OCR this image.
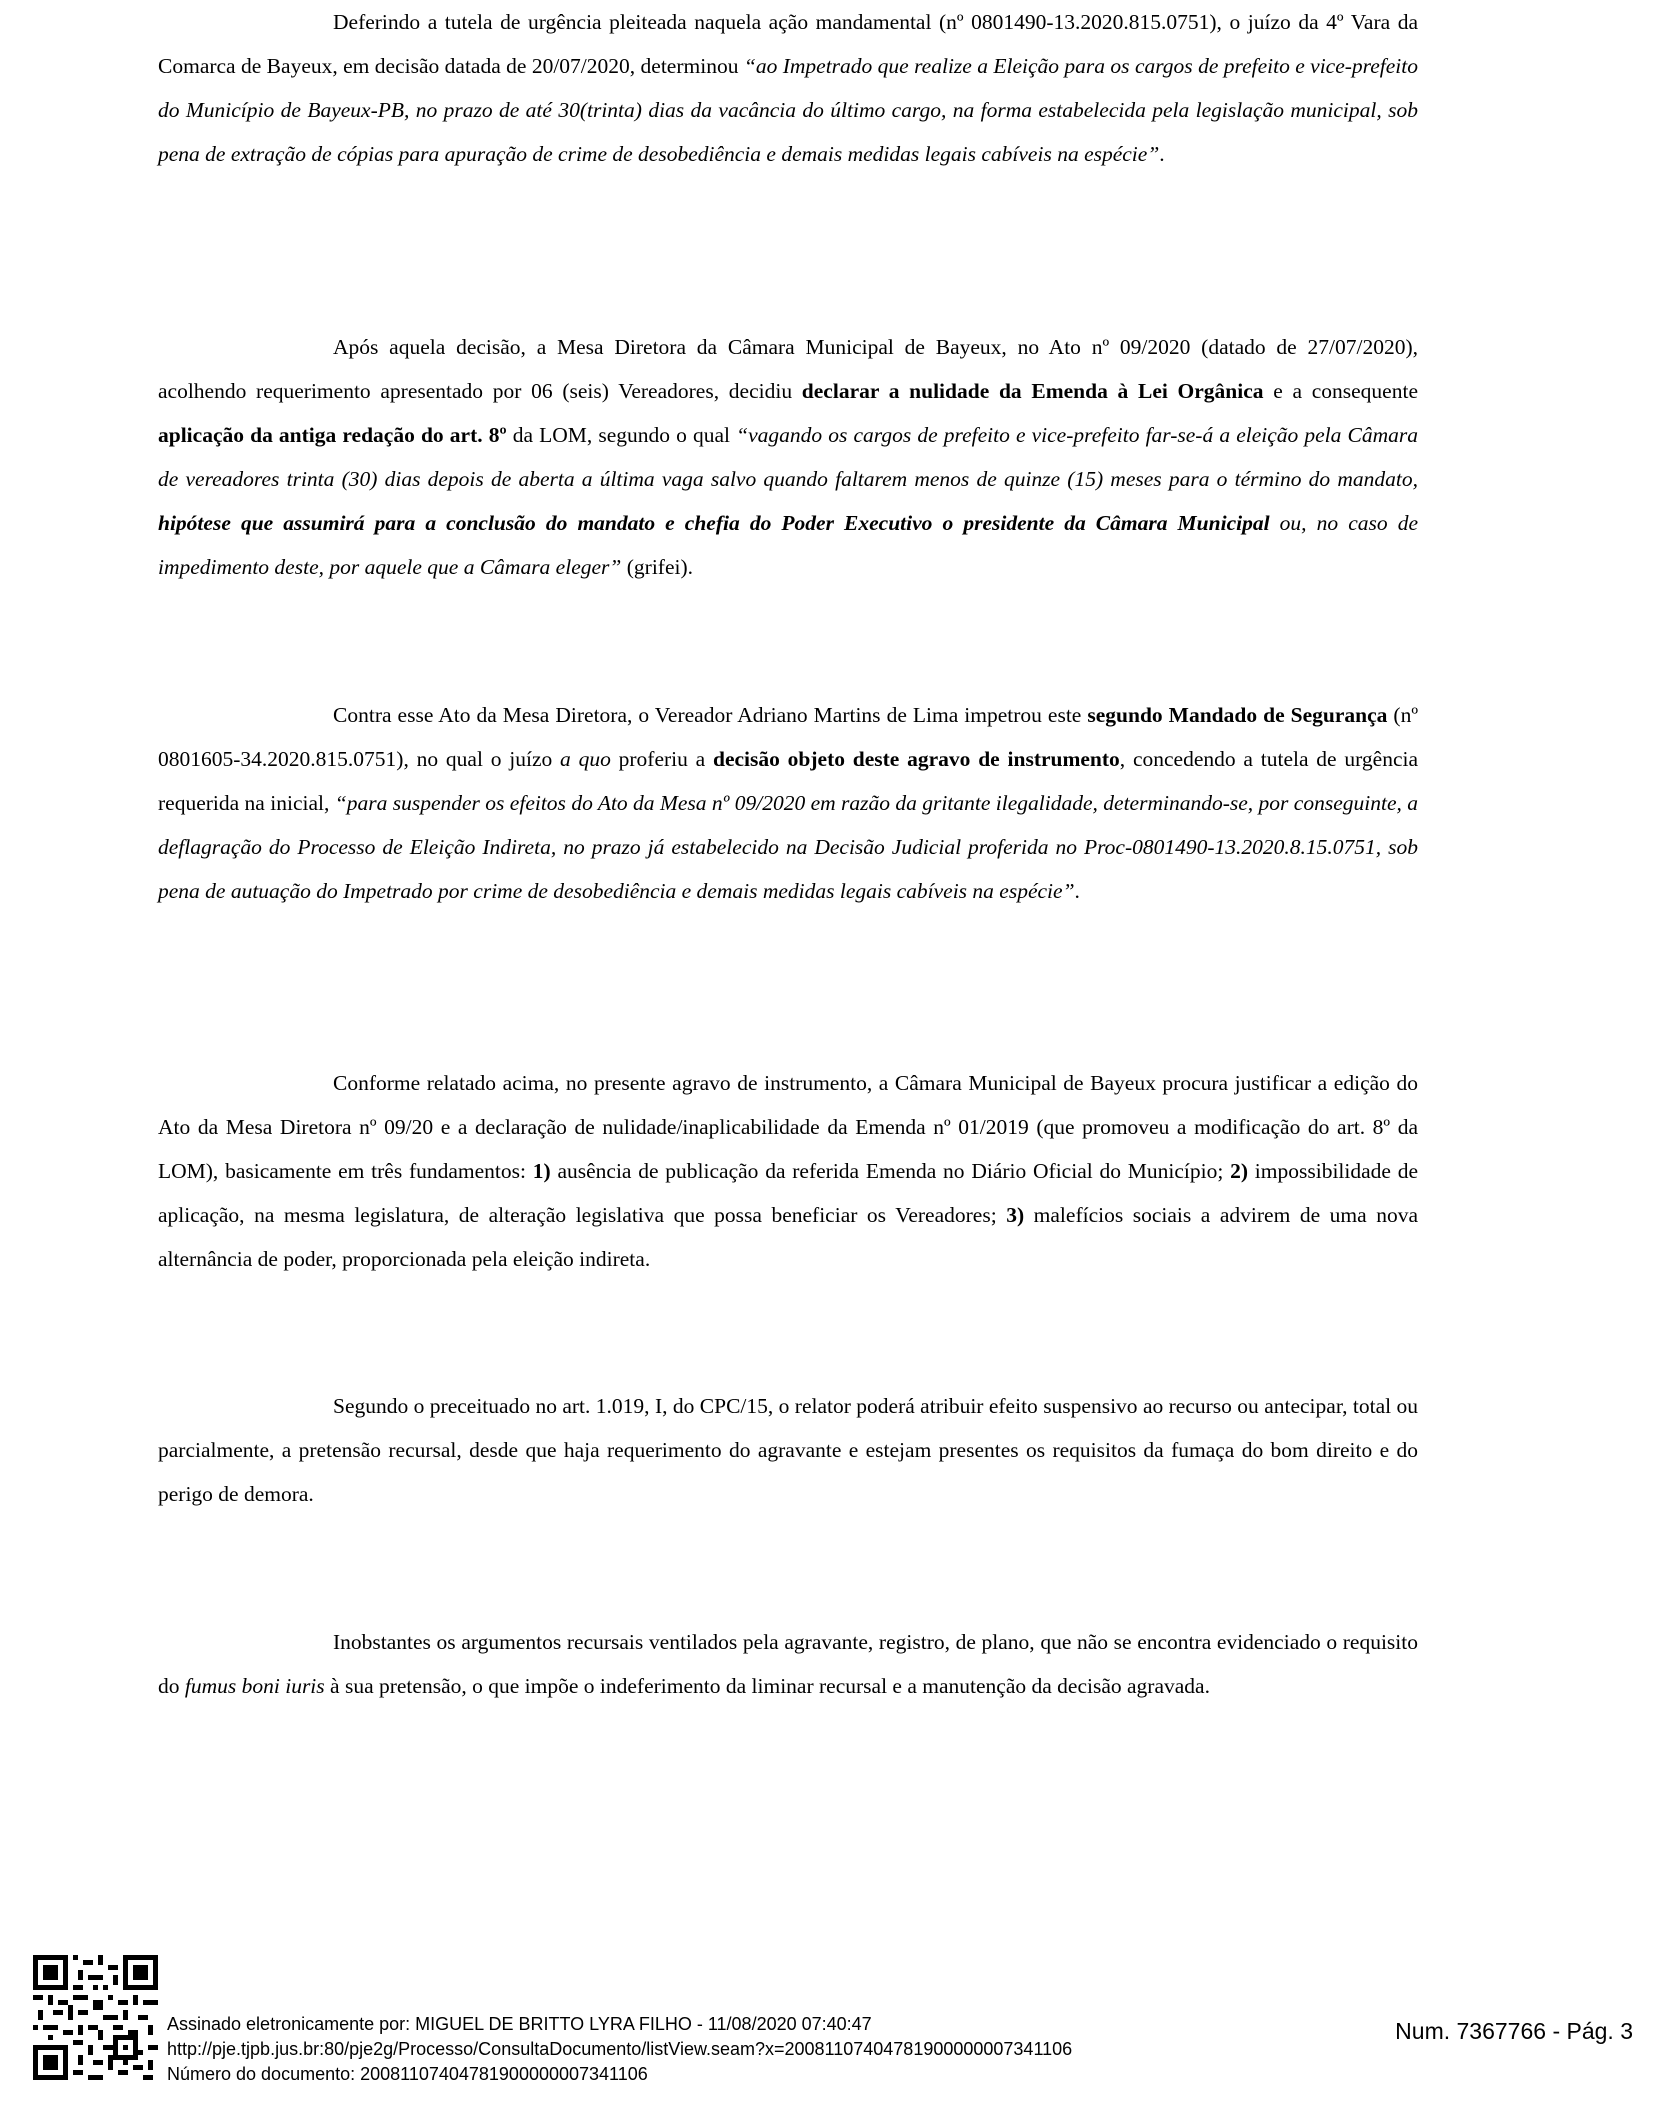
Deferindo a tutela de urgência pleiteada naquela ação mandamental (nº 0801490-13.2020.815.0751), o juízo da 4º Vara da Comarca de Bayeux, em decisão datada de 20/07/2020, determinou “ao Impetrado que realize a Eleição para os cargos de prefeito e vice-prefeito do Município de Bayeux-PB, no prazo de até 30(trinta) dias da vacância do último cargo, na forma estabelecida pela legislação municipal, sob pena de extração de cópias para apuração de crime de desobediência e demais medidas legais cabíveis na espécie”.

Após aquela decisão, a Mesa Diretora da Câmara Municipal de Bayeux, no Ato nº 09/2020 (datado de 27/07/2020), acolhendo requerimento apresentado por 06 (seis) Vereadores, decidiu declarar a nulidade da Emenda à Lei Orgânica e a consequente aplicação da antiga redação do art. 8º da LOM, segundo o qual “vagando os cargos de prefeito e vice-prefeito far-se-á a eleição pela Câmara de vereadores trinta (30) dias depois de aberta a última vaga salvo quando faltarem menos de quinze (15) meses para o término do mandato, hipótese que assumirá para a conclusão do mandato e chefia do Poder Executivo o presidente da Câmara Municipal ou, no caso de impedimento deste, por aquele que a Câmara eleger” (grifei).

Contra esse Ato da Mesa Diretora, o Vereador Adriano Martins de Lima impetrou este segundo Mandado de Segurança (nº 0801605-34.2020.815.0751), no qual o juízo a quo proferiu a decisão objeto deste agravo de instrumento, concedendo a tutela de urgência requerida na inicial, “para suspender os efeitos do Ato da Mesa nº 09/2020 em razão da gritante ilegalidade, determinando-se, por conseguinte, a deflagração do Processo de Eleição Indireta, no prazo já estabelecido na Decisão Judicial proferida no Proc-0801490-13.2020.8.15.0751, sob pena de autuação do Impetrado por crime de desobediência e demais medidas legais cabíveis na espécie”.

Conforme relatado acima, no presente agravo de instrumento, a Câmara Municipal de Bayeux procura justificar a edição do Ato da Mesa Diretora nº 09/20 e a declaração de nulidade/inaplicabilidade da Emenda nº 01/2019 (que promoveu a modificação do art. 8º da LOM), basicamente em três fundamentos: 1) ausência de publicação da referida Emenda no Diário Oficial do Município; 2) impossibilidade de aplicação, na mesma legislatura, de alteração legislativa que possa beneficiar os Vereadores; 3) malefícios sociais a advirem de uma nova alternância de poder, proporcionada pela eleição indireta.

Segundo o preceituado no art. 1.019, I, do CPC/15, o relator poderá atribuir efeito suspensivo ao recurso ou antecipar, total ou parcialmente, a pretensão recursal, desde que haja requerimento do agravante e estejam presentes os requisitos da fumaça do bom direito e do perigo de demora.

Inobstantes os argumentos recursais ventilados pela agravante, registro, de plano, que não se encontra evidenciado o requisito do fumus boni iuris à sua pretensão, o que impõe o indeferimento da liminar recursal e a manutenção da decisão agravada.

Assinado eletronicamente por: MIGUEL DE BRITTO LYRA FILHO - 11/08/2020 07:40:47
http://pje.tjpb.jus.br:80/pje2g/Processo/ConsultaDocumento/listView.seam?x=20081107404781900000007341106
Número do documento: 20081107404781900000007341106
Num. 7367766 - Pág. 3
